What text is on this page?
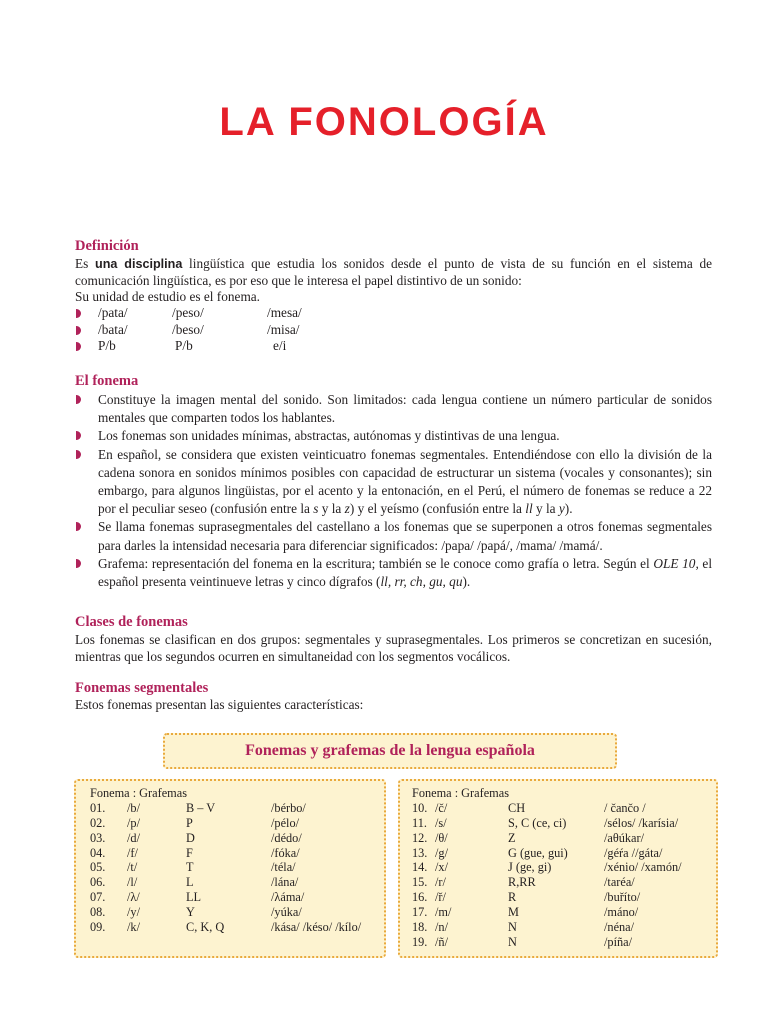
LA FONOLOGÍA
Definición

Es una disciplina lingüística que estudia los sonidos desde el punto de vista de su función en el sistema de comunicación lingüística, es por eso que le interesa el papel distintivo de un sonido:

Su unidad de estudio es el fonema.

/pata/	/peso/	/mesa/
/bata/	/beso/	/misa/
P/b	P/b	e/i
El fonema
Constituye la imagen mental del sonido. Son limitados: cada lengua contiene un número particular de sonidos mentales que comparten todos los hablantes.
Los fonemas son unidades mínimas, abstractas, autónomas y distintivas de una lengua.
En español, se considera que existen veinticuatro fonemas segmentales. Entendiéndose con ello la división de la cadena sonora en sonidos mínimos posibles con capacidad de estructurar un sistema (vocales y consonantes); sin embargo, para algunos lingüistas, por el acento y la entonación, en el Perú, el número de fonemas se reduce a 22 por el peculiar seseo (confusión entre la s y la z) y el yeísmo (confusión entre la ll y la y).
Se llama fonemas suprasegmentales del castellano a los fonemas que se superponen a otros fonemas segmentales para darles la intensidad necesaria para diferenciar significados: /papa/ /papá/, /mama/ /mamá/.
Grafema: representación del fonema en la escritura; también se le conoce como grafía o letra. Según el OLE 10, el español presenta veintinueve letras y cinco dígrafos (ll, rr, ch, gu, qu).
Clases de fonemas

Los fonemas se clasifican en dos grupos: segmentales y suprasegmentales. Los primeros se concretizan en sucesión, mientras que los segundos ocurren en simultaneidad con los segmentos vocálicos.

Fonemas segmentales

Estos fonemas presentan las siguientes características:

Fonemas y grafemas de la lengua española
Fonema : Grafemas
01. /b/	B – V	/bérbo/
02. /p/	P	/pélo/
03. /d/	D	/dédo/
04. /f/	F	/fóka/
05. /t/	T	/téla/
06. /l/	L	/lána/
07. /λ/	LL	/λáma/
08. /y/	Y	/yúka/
09. /k/	C, K, Q	/kása/ /késo/ /kílo/
Fonema : Grafemas
10. /č/	CH	/ čančo /
11. /s/	S, C (ce, ci)	/sélos/ /karísia/
12. /θ/	Z	/aθúkar/
13. /g/	G (gue, gui)	/géŕa //gáta/
14. /x/	J (ge, gi)	/xénio/ /xamón/
15. /r/	R,RR	/taréa/
16. /ř/	R	/buříto/
17. /m/	M	/máno/
18. /n/	N	/néna/
19. /ñ/	N	/píña/
